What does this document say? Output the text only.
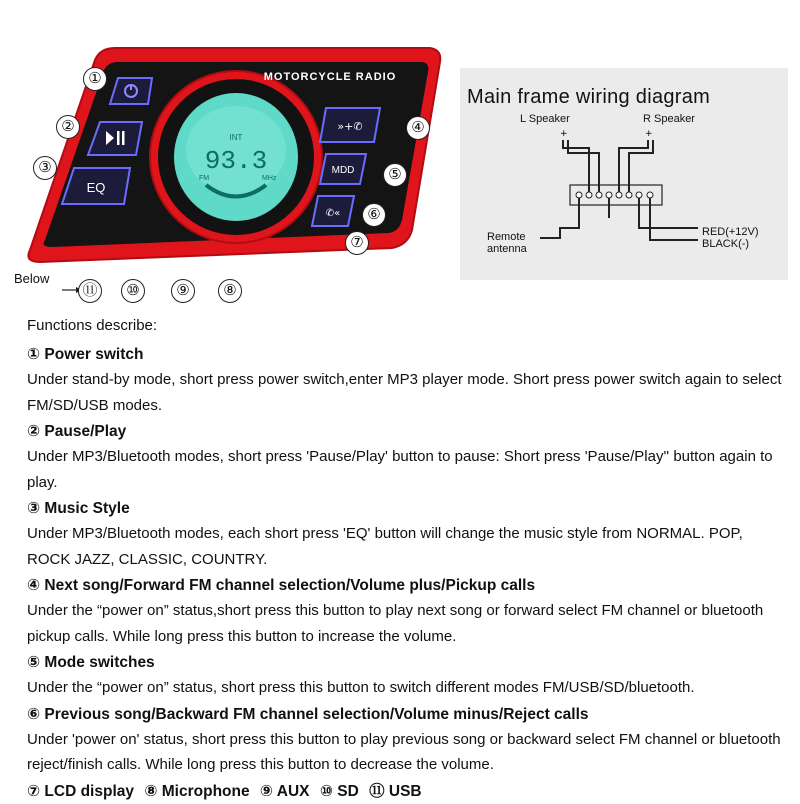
INT
93.3
FM	MHz
MOTORCYCLE RADIO
EQ
»+✆
MDD
✆«
①
②
③
④
⑤
⑥
⑦
⑧
⑨
⑩
⑪
Below
Main frame wiring diagram
L Speaker	R Speaker
Remote
antenna
RED(+12V)
BLACK(-)
+	+

Functions describe:

① Power switch

Under stand-by mode, short press power switch,enter MP3 player mode. Short press power switch again to select FM/SD/USB modes.

② Pause/Play

Under MP3/Bluetooth modes, short press 'Pause/Play' button to pause: Short press 'Pause/Play'' button again to play.

③ Music Style

Under MP3/Bluetooth modes, each short press 'EQ' button will change the music style from NORMAL. POP, ROCK JAZZ, CLASSIC, COUNTRY.

④ Next song/Forward FM channel selection/Volume plus/Pickup calls

Under the “power on” status,short press this button to play next song or forward select FM channel or bluetooth pickup calls. While long press this button to increase the volume.

⑤ Mode switches

Under the “power on” status, short press this button to switch different modes FM/USB/SD/bluetooth.

⑥ Previous song/Backward FM channel selection/Volume minus/Reject calls

Under 'power on' status, short press this button to play previous song or backward select FM channel or bluetooth reject/finish calls. While long press this button to decrease the volume.

⑦ LCD display ⑧ Microphone ⑨ AUX ⑩ SD ⑪ USB
